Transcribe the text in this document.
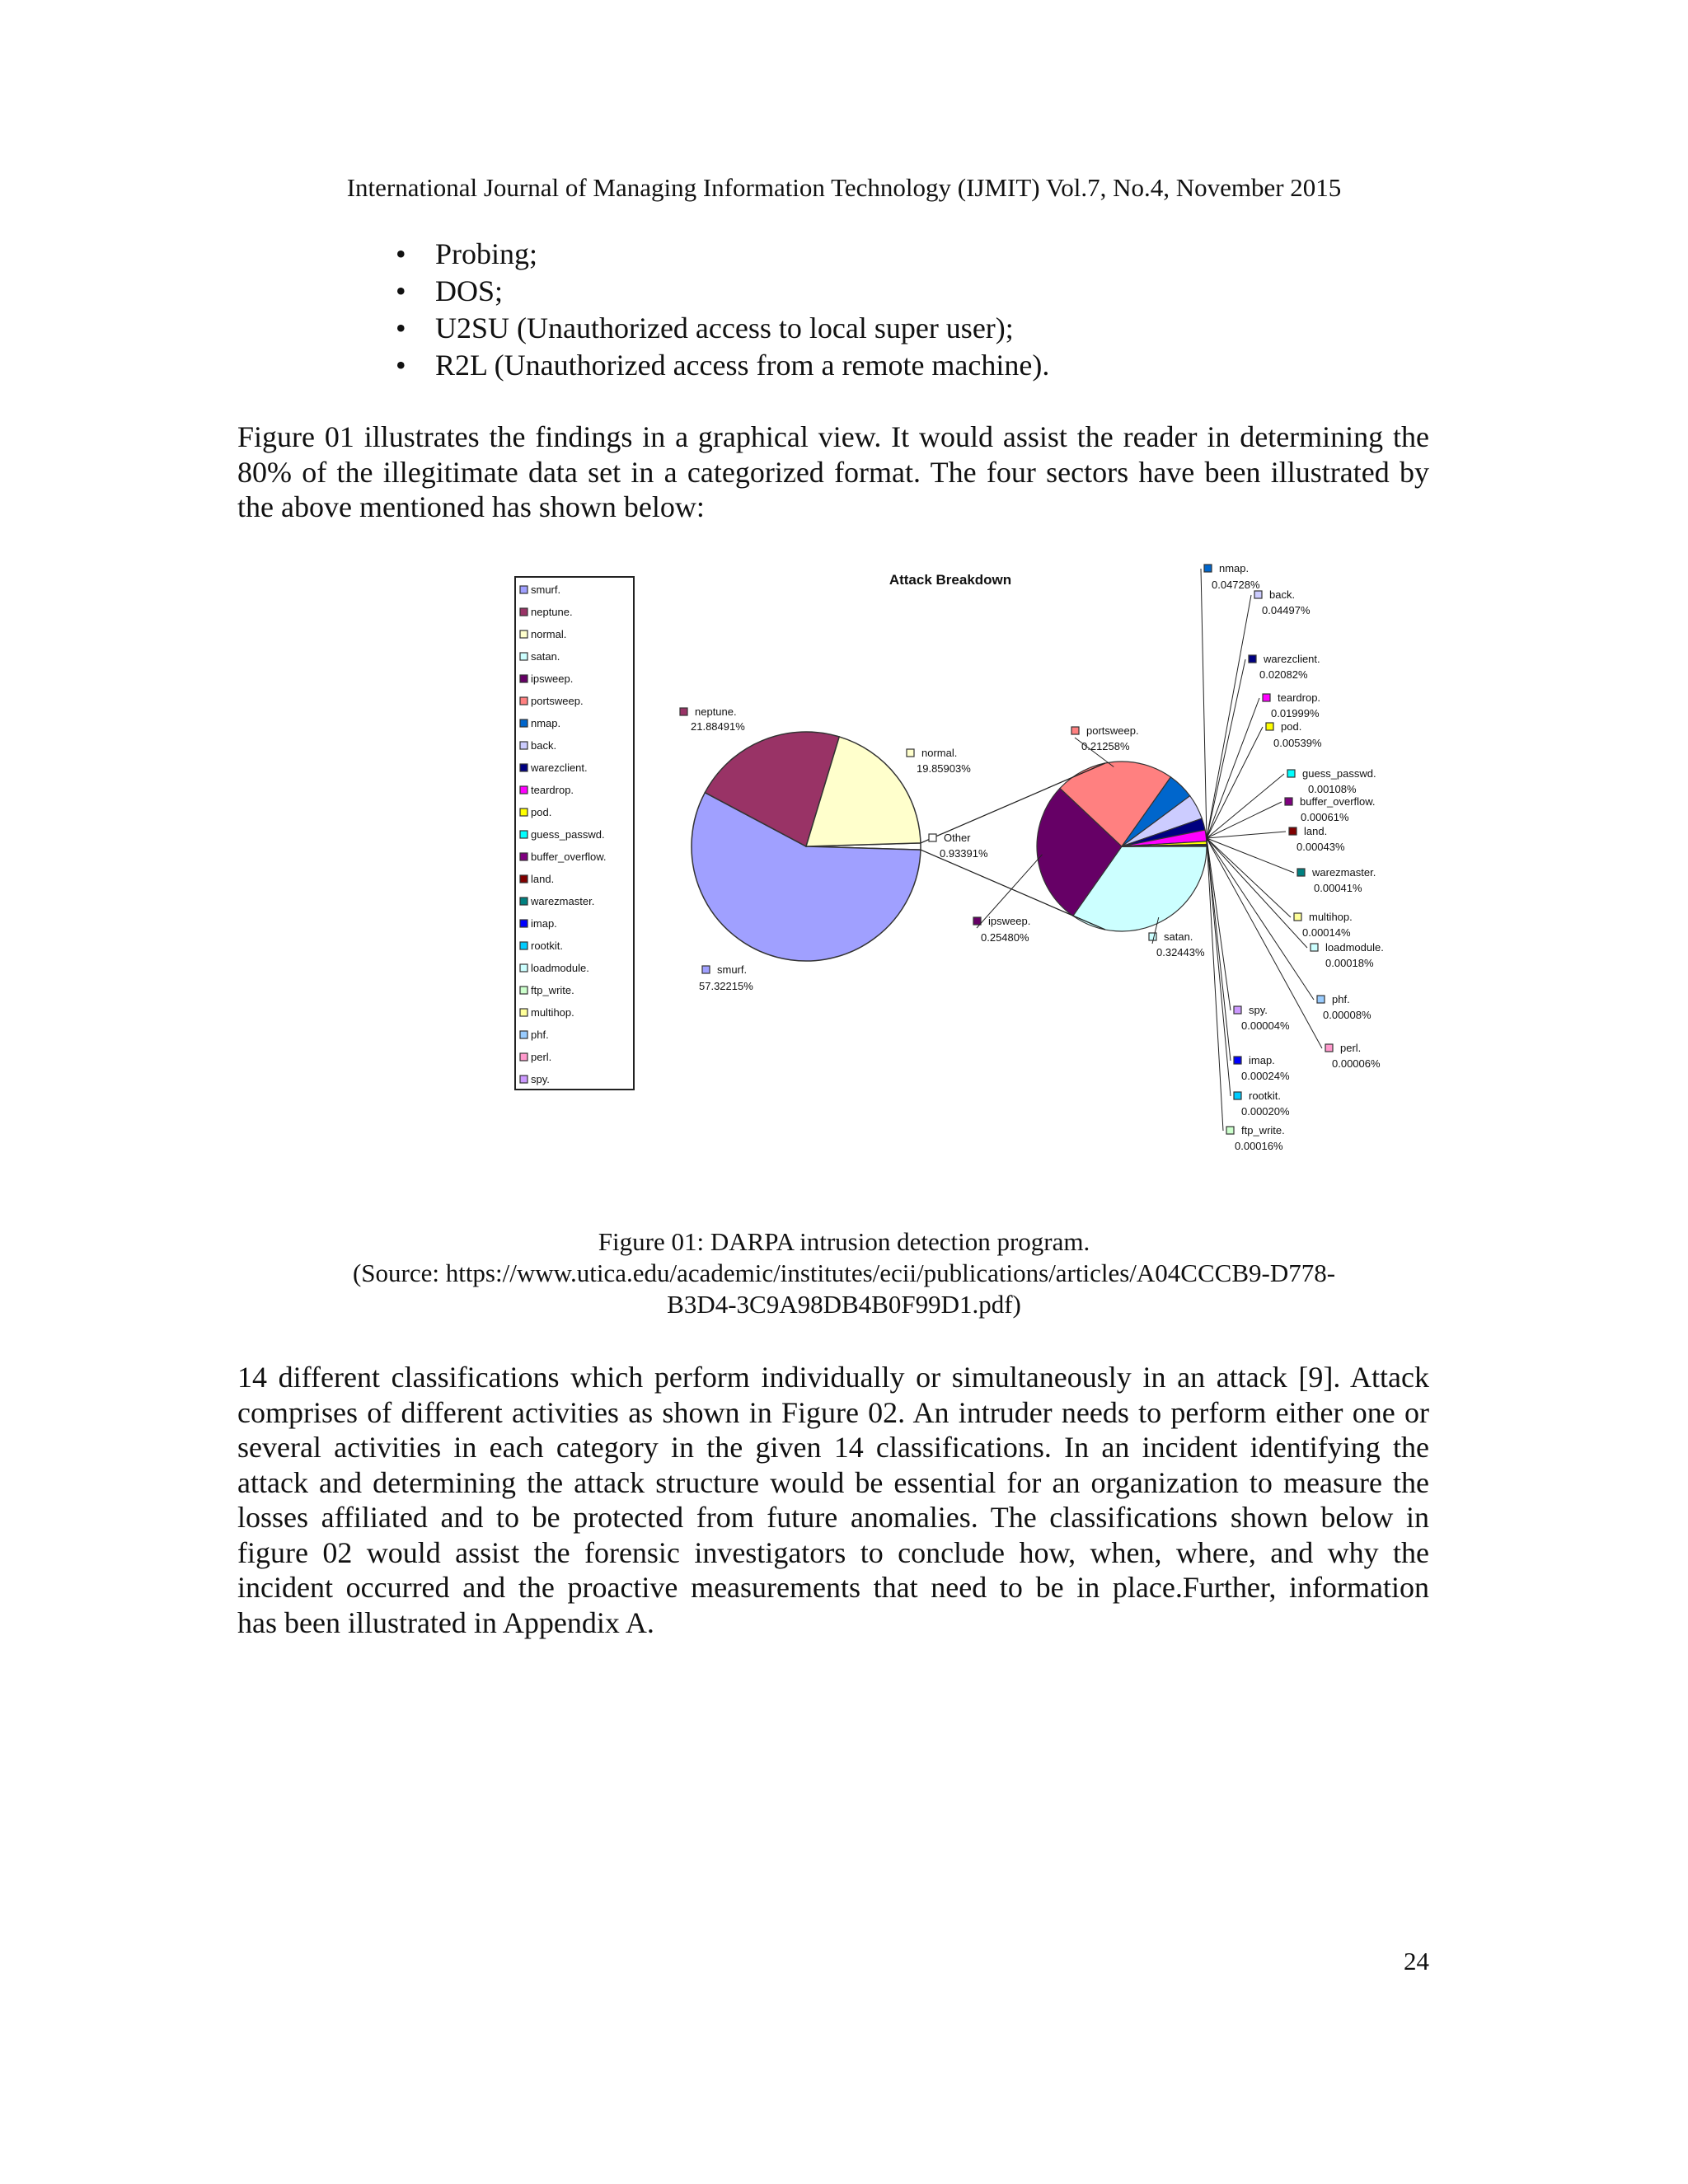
International Journal of Managing Information Technology (IJMIT) Vol.7, No.4, November 2015
• Probing;
• DOS;
• U2SU (Unauthorized access to local super user);
• R2L (Unauthorized access from a remote machine).

Figure 01 illustrates the findings in a graphical view. It would assist the reader in determining the
80% of the illegitimate data set in a categorized format. The four sectors have been illustrated by
the above mentioned has shown below:

smurf.
neptune.
normal.
satan.
ipsweep.
portsweep.
nmap.
back.
warezclient.
teardrop.
pod.
guess_passwd.
buffer_overflow.
land.
warezmaster.
imap.
rootkit.
loadmodule.
ftp_write.
multihop.
phf.
perl.
spy.
Attack Breakdown
smurf.
57.32215%
neptune.
21.88491%
normal.
19.85903%
Other
0.93391%
satan.
0.32443%
ipsweep.
0.25480%
portsweep.
0.21258%
nmap.
0.04728%
back.
0.04497%
warezclient.
0.02082%
teardrop.
0.01999%
pod.
0.00539%
guess_passwd.
0.00108%
buffer_overflow.
0.00061%
land.
0.00043%
warezmaster.
0.00041%
multihop.
0.00014%
loadmodule.
0.00018%
phf.
0.00008%
perl.
0.00006%
spy.
0.00004%
imap.
0.00024%
rootkit.
0.00020%
ftp_write.
0.00016%
Figure 01: DARPA intrusion detection program.
(Source: https://www.utica.edu/academic/institutes/ecii/publications/articles/A04CCCB9-D778-
B3D4-3C9A98DB4B0F99D1.pdf)

14 different classifications which perform individually or simultaneously in an attack [9]. Attack
comprises of different activities as shown in Figure 02. An intruder needs to perform either one or
several activities in each category in the given 14 classifications. In an incident identifying the
attack and determining the attack structure would be essential for an organization to measure the
losses affiliated and to be protected from future anomalies. The classifications shown below in
figure 02 would assist the forensic investigators to conclude how, when, where, and why the
incident occurred and the proactive measurements that need to be in place.Further, information
has been illustrated in Appendix A.

24
